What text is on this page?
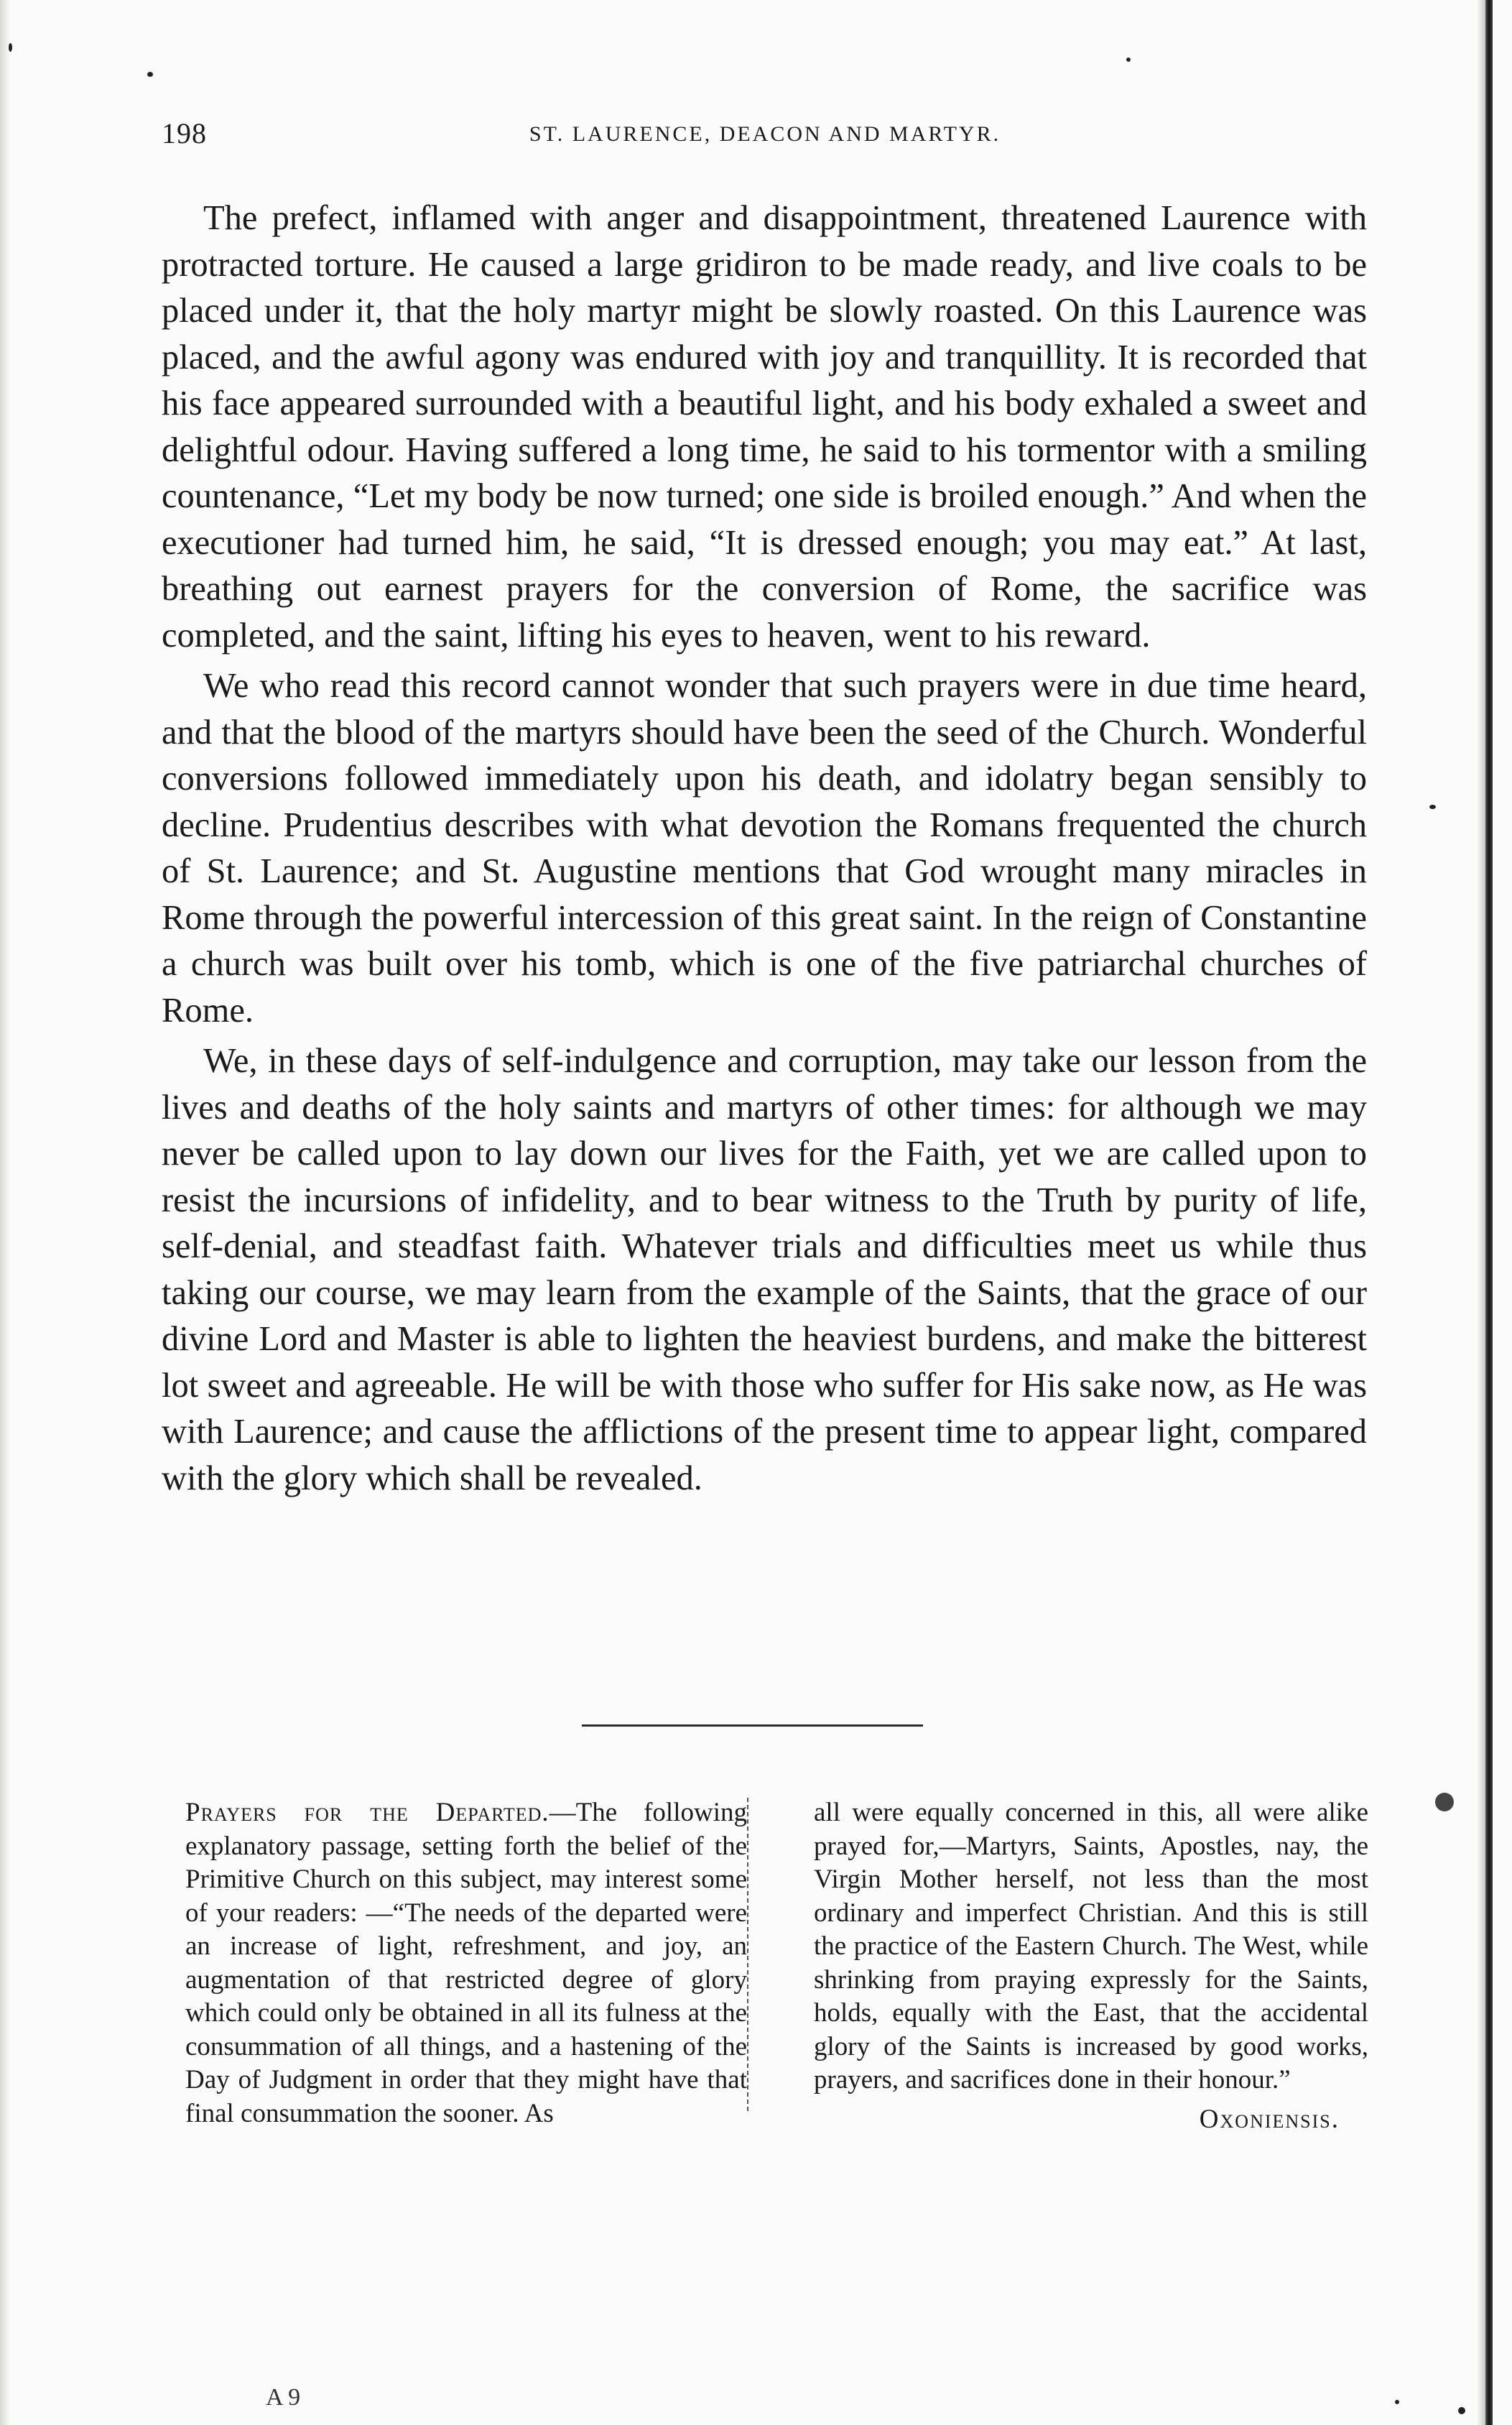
198	ST. LAURENCE, DEACON AND MARTYR.

The prefect, inflamed with anger and disappointment, threatened Laurence with protracted torture. He caused a large gridiron to be made ready, and live coals to be placed under it, that the holy martyr might be slowly roasted. On this Laurence was placed, and the awful agony was endured with joy and tranquillity. It is recorded that his face appeared surrounded with a beautiful light, and his body exhaled a sweet and delightful odour. Having suffered a long time, he said to his tormentor with a smiling countenance, “Let my body be now turned; one side is broiled enough.” And when the executioner had turned him, he said, “It is dressed enough; you may eat.” At last, breathing out earnest prayers for the conversion of Rome, the sacrifice was completed, and the saint, lifting his eyes to heaven, went to his reward.

We who read this record cannot wonder that such prayers were in due time heard, and that the blood of the martyrs should have been the seed of the Church. Wonderful conversions followed immediately upon his death, and idolatry began sensibly to decline. Prudentius describes with what devotion the Romans frequented the church of St. Laurence; and St. Augustine mentions that God wrought many miracles in Rome through the powerful intercession of this great saint. In the reign of Constantine a church was built over his tomb, which is one of the five patriarchal churches of Rome.

We, in these days of self-indulgence and corruption, may take our lesson from the lives and deaths of the holy saints and martyrs of other times: for although we may never be called upon to lay down our lives for the Faith, yet we are called upon to resist the incursions of infidelity, and to bear witness to the Truth by purity of life, self-denial, and steadfast faith. Whatever trials and difficulties meet us while thus taking our course, we may learn from the example of the Saints, that the grace of our divine Lord and Master is able to lighten the heaviest burdens, and make the bitterest lot sweet and agreeable. He will be with those who suffer for His sake now, as He was with Laurence; and cause the afflictions of the present time to appear light, compared with the glory which shall be revealed.

Prayers for the Departed.—The following explanatory passage, setting forth the belief of the Primitive Church on this subject, may interest some of your readers: —“The needs of the departed were an increase of light, refreshment, and joy, an augmentation of that restricted degree of glory which could only be obtained in all its fulness at the consummation of all things, and a hastening of the Day of Judgment in order that they might have that final consummation the sooner. As

all were equally concerned in this, all were alike prayed for,—Martyrs, Saints, Apostles, nay, the Virgin Mother herself, not less than the most ordinary and imperfect Christian. And this is still the practice of the Eastern Church. The West, while shrinking from praying expressly for the Saints, holds, equally with the East, that the accidental glory of the Saints is increased by good works, prayers, and sacrifices done in their honour.”

Oxoniensis.
A 9
